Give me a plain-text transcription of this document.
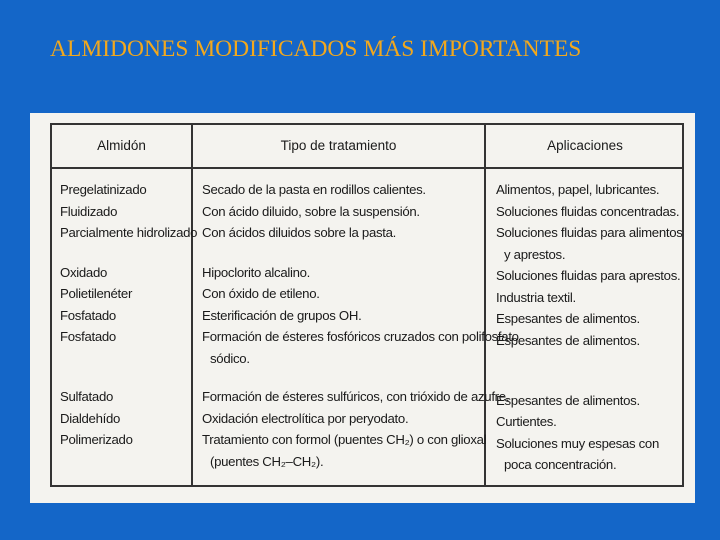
ALMIDONES MODIFICADOS MÁS IMPORTANTES
Almidón	Tipo de tratamiento	Aplicaciones
Pregelatinizado
Fluidizado
Parcialmente hidrolizado
Oxidado
Polietilenéter
Fosfatado
Fosfatado
Sulfatado
Dialdehído
Polimerizado
Secado de la pasta en rodillos calientes.
Con ácido diluido, sobre la suspensión.
Con ácidos diluidos sobre la pasta.
Hipoclorito alcalino.
Con óxido de etileno.
Esterificación de grupos OH.
Formación de ésteres fosfóricos cruzados con polifosfato
sódico.
Formación de ésteres sulfúricos, con trióxido de azufre.
Oxidación electrolítica por peryodato.
Tratamiento con formol (puentes CH₂) o con glioxal
(puentes CH₂–CH₂).
Alimentos, papel, lubricantes.
Soluciones fluidas concentradas.
Soluciones fluidas para alimentos
y aprestos.
Soluciones fluidas para aprestos.
Industria textil.
Espesantes de alimentos.
Espesantes de alimentos.
Espesantes de alimentos.
Curtientes.
Soluciones muy espesas con
poca concentración.
